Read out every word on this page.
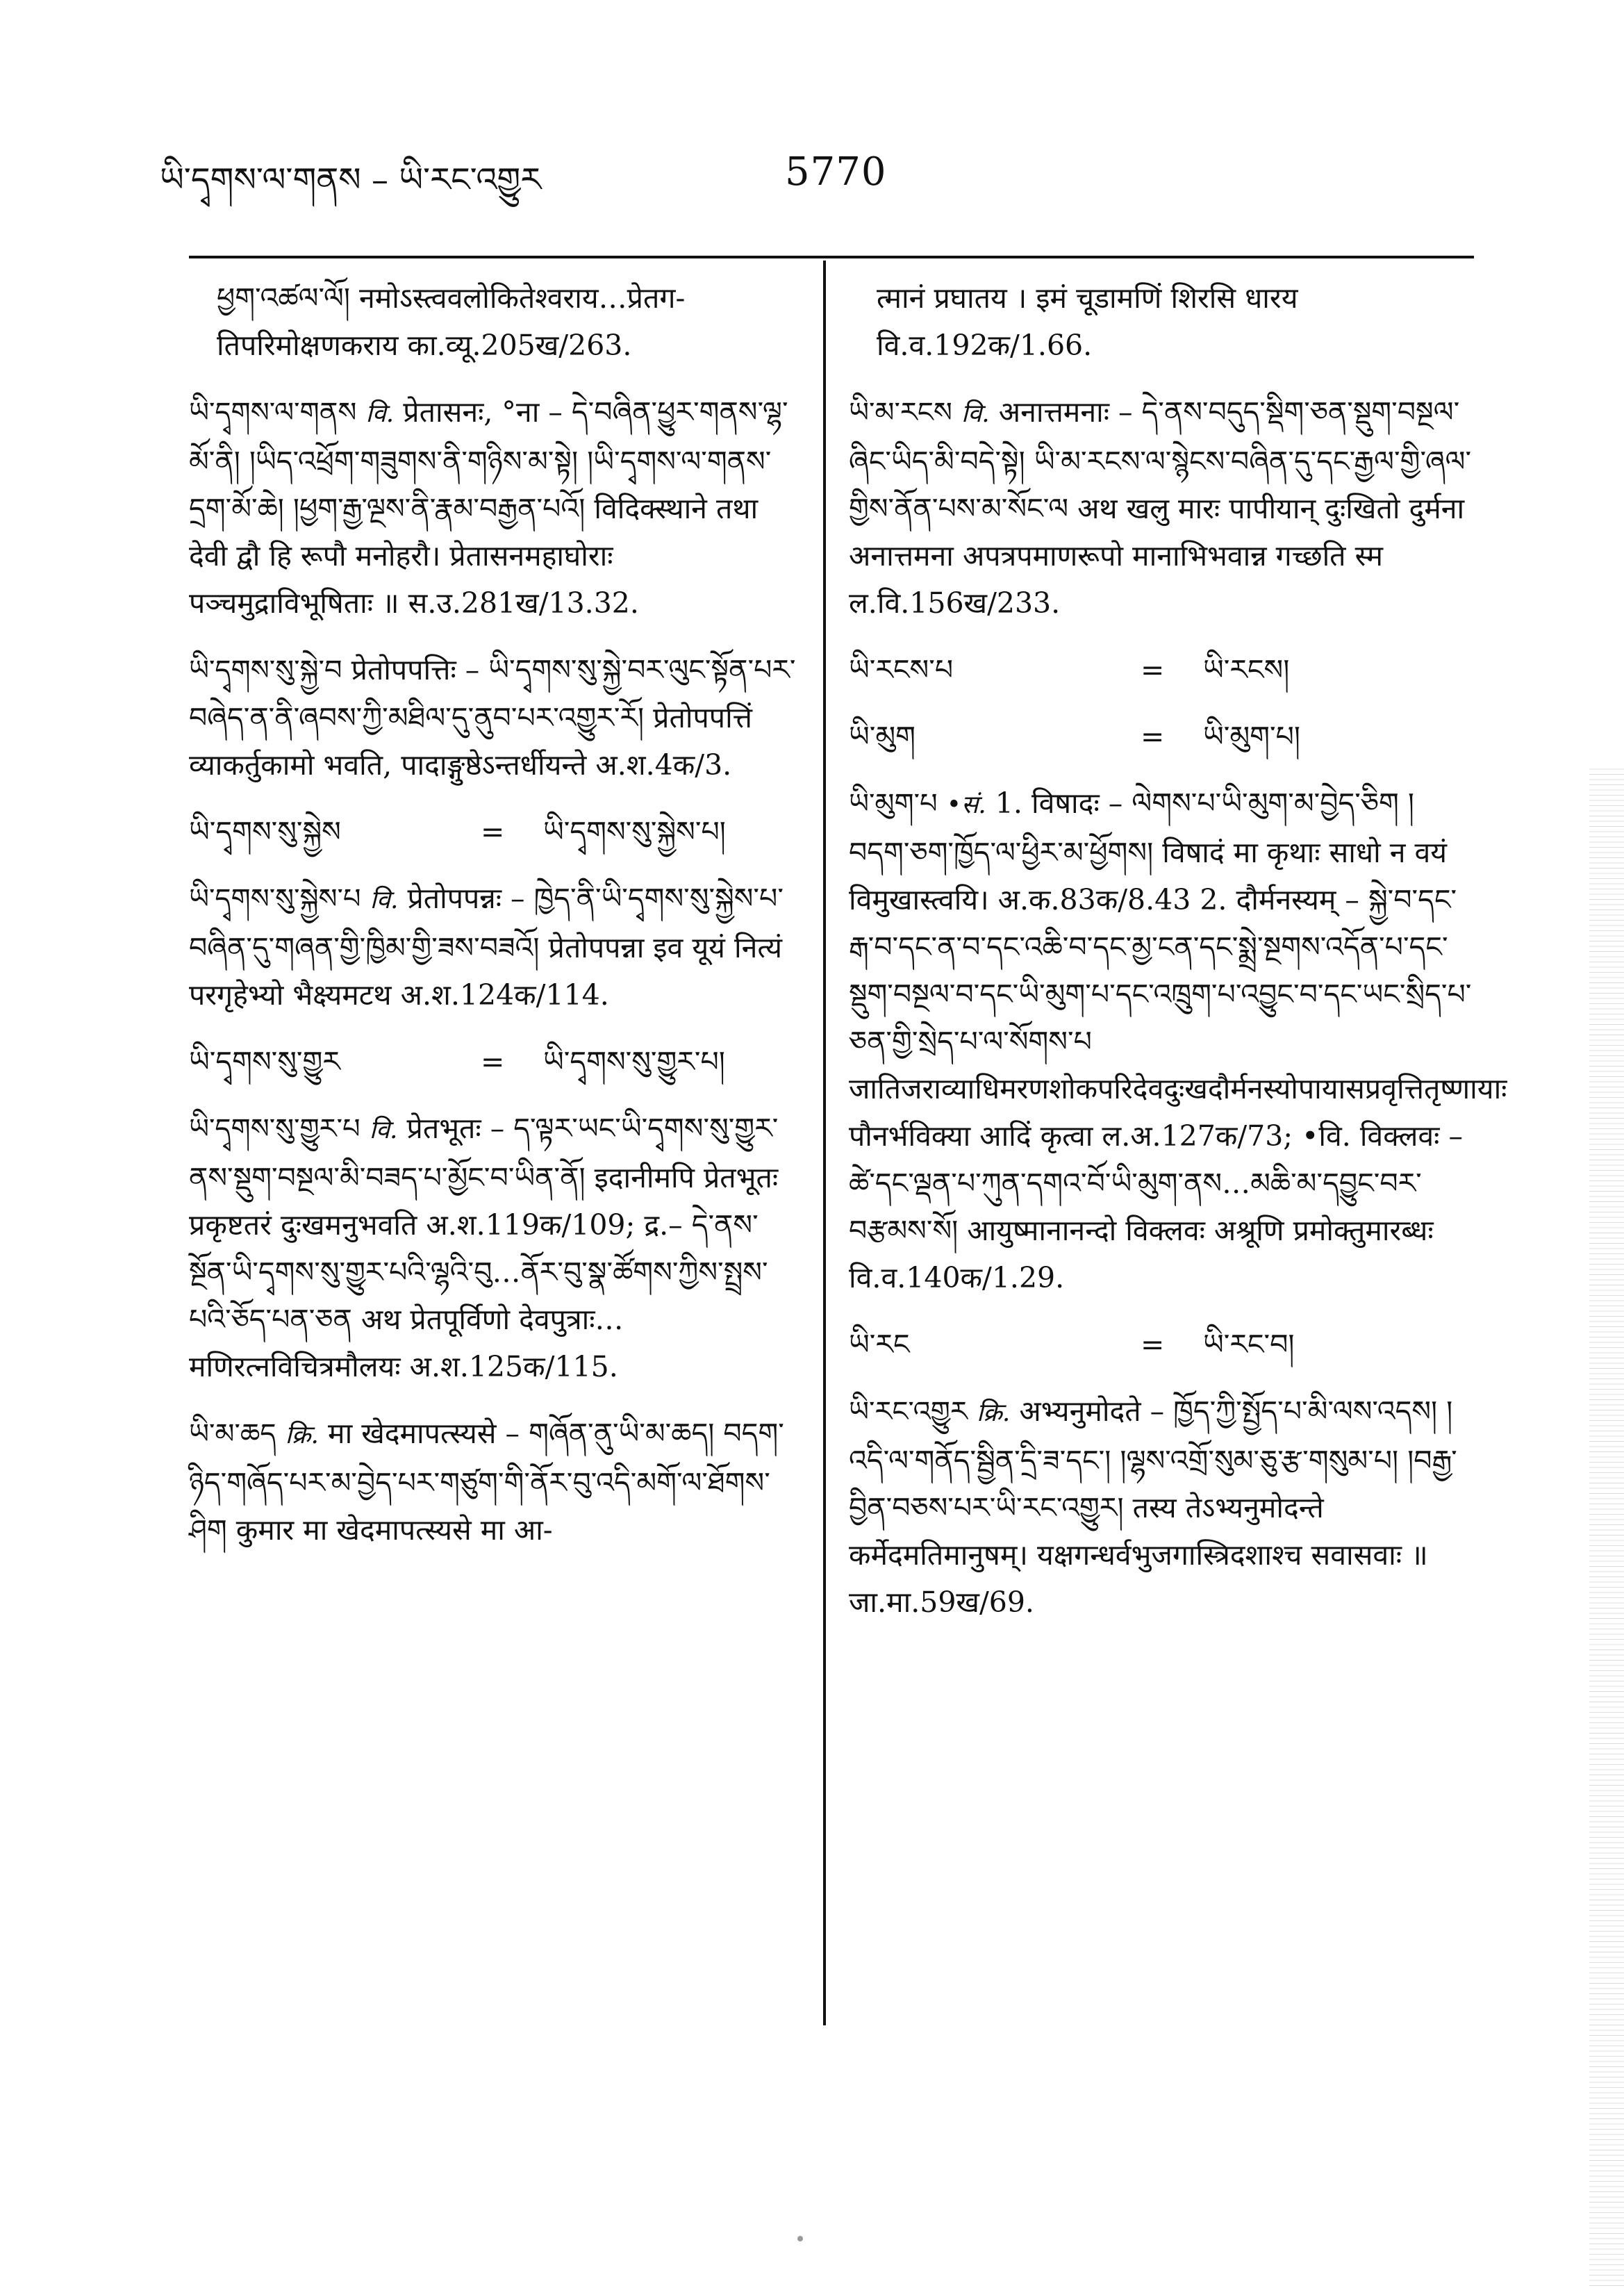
ཡི་དྭགས་ལ་གནས – ཡི་རང་འགྱུར	5770

ཕྱག་འཚལ་ལོ། नमोऽस्त्ववलोकितेश्वराय…प्रेतग-तिपरिमोक्षणकराय का.व्यू.205ख/263.

ཡི་དྭགས་ལ་གནས वि. प्रेतासनः, °ना – དེ་བཞིན་ཕྱུར་གནས་ལྷ་མོ་ནི། །ཡིད་འཕྲོག་གཟུགས་ནི་གཉིས་མ་སྟེ། །ཡི་དྭགས་ལ་གནས་དྲག་མོ་ཆེ། །ཕྱག་རྒྱ་ལྔས་ནི་རྣམ་བརྒྱན་པའོ། विदिक्स्थाने तथा देवी द्वौ हि रूपौ मनोहरौ। प्रेतासनमहाघोराः पञ्चमुद्राविभूषिताः ॥ स.उ.281ख/13.32.

ཡི་དྭགས་སུ་སྐྱེ་བ प्रेतोपपत्तिः – ཡི་དྭགས་སུ་སྐྱེ་བར་ལུང་སྟོན་པར་བཞེད་ན་ནི་ཞབས་ཀྱི་མཐིལ་དུ་ནུབ་པར་འགྱུར་རོ། प्रेतोपपत्तिं व्याकर्तुकामो भवति, पादाङ्गुष्ठेऽन्तर्धीयन्ते अ.श.4क/3.

ཡི་དྭགས་སུ་སྐྱེས	=	ཡི་དྭགས་སུ་སྐྱེས་པ།

ཡི་དྭགས་སུ་སྐྱེས་པ वि. प्रेतोपपन्नः – ཁྱེད་ནི་ཡི་དྭགས་སུ་སྐྱེས་པ་བཞིན་དུ་གཞན་གྱི་ཁྱིམ་གྱི་ཟས་བཟའོ། प्रेतोपपन्ना इव यूयं नित्यं परगृहेभ्यो भैक्ष्यमटथ अ.श.124क/114.

ཡི་དྭགས་སུ་གྱུར	=	ཡི་དྭགས་སུ་གྱུར་པ།

ཡི་དྭགས་སུ་གྱུར་པ वि. प्रेतभूतः – ད་ལྟར་ཡང་ཡི་དྭགས་སུ་གྱུར་ནས་སྡུག་བསྔལ་མི་བཟད་པ་མྱོང་བ་ཡིན་ནོ། इदानीमपि प्रेतभूतः प्रकृष्टतरं दुःखमनुभवति अ.श.119क/109; द्र.– དེ་ནས་སྔོན་ཡི་དྭགས་སུ་གྱུར་པའི་ལྷའི་བུ…ནོར་བུ་སྣ་ཚོགས་ཀྱིས་སྤྲས་པའི་ཅོད་པན་ཅན अथ प्रेतपूर्विणो देवपुत्राः… मणिरत्नविचित्रमौलयः अ.श.125क/115.

ཡི་མ་ཆད क्रि. मा खेदमापत्स्यसे – གཞོན་ནུ་ཡི་མ་ཆད། བདག་ཉིད་གཞོད་པར་མ་བྱེད་པར་གཙུག་གི་ནོར་བུ་འདི་མགོ་ལ་ཐོགས་ཤིག कुमार मा खेदमापत्स्यसे मा आ-

त्मानं प्रघातय । इमं चूडामणिं शिरसि धारय वि.व.192क/1.66.

ཡི་མ་རངས वि. अनात्तमनाः – དེ་ནས་བདུད་སྡིག་ཅན་སྡུག་བསྔལ་ཞིང་ཡིད་མི་བདེ་སྟེ། ཡི་མ་རངས་ལ་སྙེངས་བཞིན་དུ་དང་རྒྱལ་གྱི་ཞལ་གྱིས་ནོན་པས་མ་སོང་ལ अथ खलु मारः पापीयान् दुःखितो दुर्मना अनात्तमना अपत्रपमाणरूपो मानाभिभवान्न गच्छति स्म ल.वि.156ख/233.

ཡི་རངས་པ	=	ཡི་རངས།
ཡི་མུག	=	ཡི་མུག་པ།

ཡི་མུག་པ •सं. 1. विषादः – ལེགས་པ་ཡི་མུག་མ་བྱེད་ཅིག །བདག་ཅག་ཁྱོད་ལ་ཕྱིར་མ་ཕྱོགས། विषादं मा कृथाः साधो न वयं विमुखास्त्वयि। अ.क.83क/8.43 2. दौर्मनस्यम् – སྐྱེ་བ་དང་རྒ་བ་དང་ན་བ་དང་འཆི་བ་དང་མྱ་ངན་དང་སྨྲེ་སྔགས་འདོན་པ་དང་སྡུག་བསྔལ་བ་དང་ཡི་མུག་པ་དང་འཁྲུག་པ་འབྱུང་བ་དང་ཡང་སྲིད་པ་ཅན་གྱི་སྲེད་པ་ལ་སོགས་པ जातिजराव्याधिमरणशोकपरिदेवदुःखदौर्मनस्योपायासप्रवृत्तितृष्णायाः पौनर्भविक्या आदिं कृत्वा ल.अ.127क/73; •वि. विक्लवः – ཚེ་དང་ལྡན་པ་ཀུན་དགའ་བོ་ཡི་མུག་ནས…མཆི་མ་དབྱུང་བར་བརྩམས་སོ། आयुष्मानानन्दो विक्लवः अश्रूणि प्रमोक्तुमारब्धः वि.व.140क/1.29.

ཡི་རང	=	ཡི་རང་བ།

ཡི་རང་འགྱུར क्रि. अभ्यनुमोदते – ཁྱོད་ཀྱི་སྤྱོད་པ་མི་ལས་འདས། །འདི་ལ་གནོད་སྦྱིན་དྲི་ཟ་དང་། །ལྷས་འགྲོ་སུམ་ཅུ་རྩ་གསུམ་པ། །བརྒྱ་བྱིན་བཅས་པར་ཡི་རང་འགྱུར། तस्य तेऽभ्यनुमोदन्ते कर्मेदमतिमानुषम्। यक्षगन्धर्वभुजगास्त्रिदशाश्च सवासवाः ॥ जा.मा.59ख/69.
